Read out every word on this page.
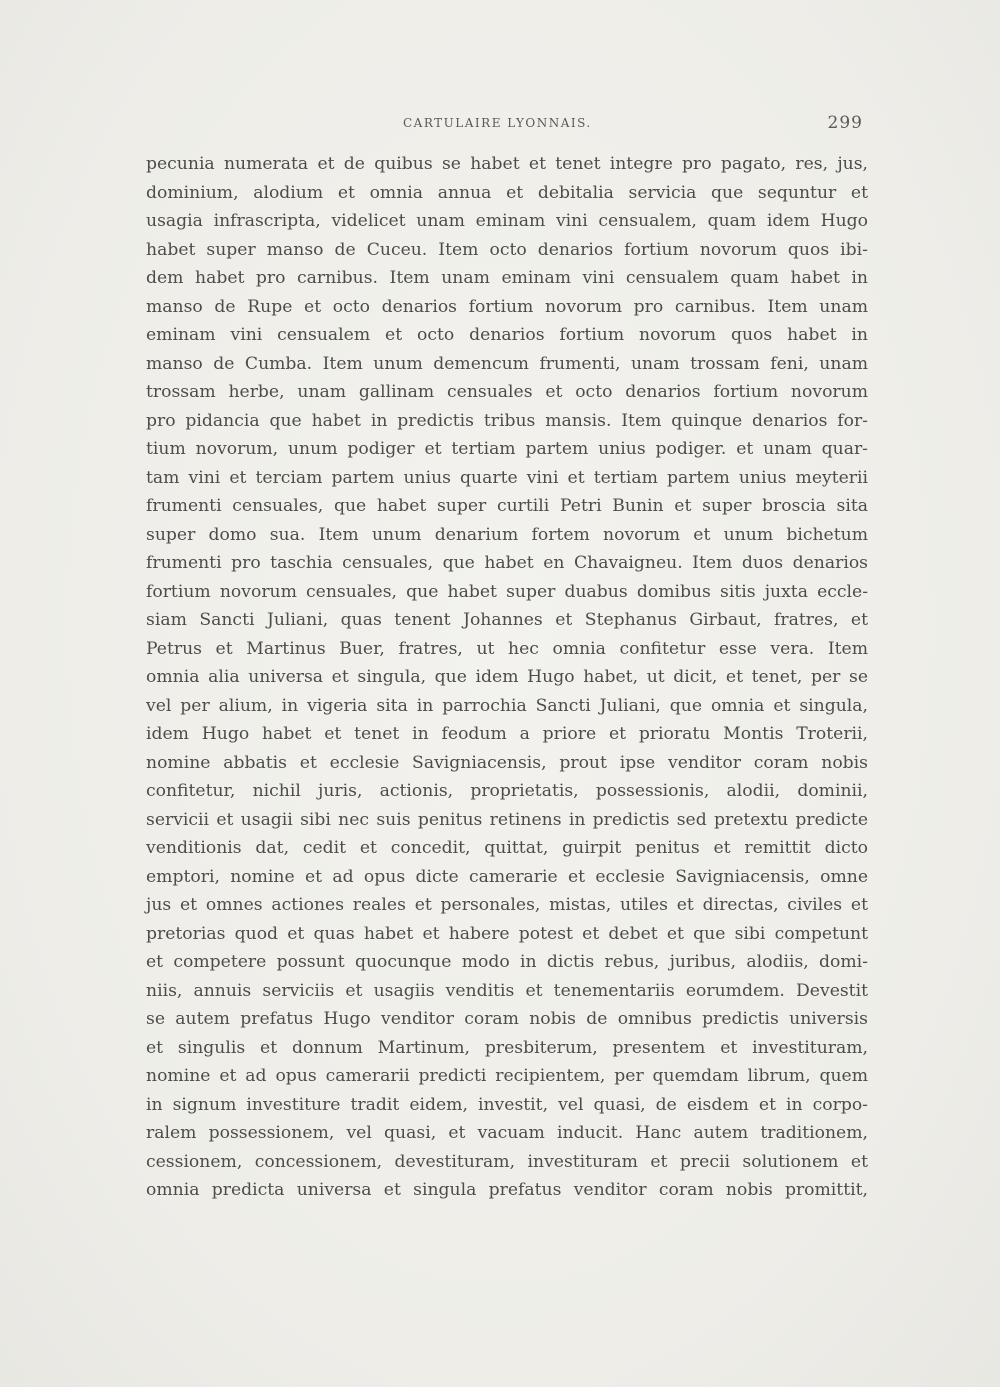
CARTULAIRE LYONNAIS.	299
pecunia numerata et de quibus se habet et tenet integre pro pagato, res, jus,
dominium, alodium et omnia annua et debitalia servicia que sequntur et
usagia infrascripta, videlicet unam eminam vini censualem, quam idem Hugo
habet super manso de Cuceu. Item octo denarios fortium novorum quos ibi-
dem habet pro carnibus. Item unam eminam vini censualem quam habet in
manso de Rupe et octo denarios fortium novorum pro carnibus. Item unam
eminam vini censualem et octo denarios fortium novorum quos habet in
manso de Cumba. Item unum demencum frumenti, unam trossam feni, unam
trossam herbe, unam gallinam censuales et octo denarios fortium novorum
pro pidancia que habet in predictis tribus mansis. Item quinque denarios for-
tium novorum, unum podiger et tertiam partem unius podiger. et unam quar-
tam vini et terciam partem unius quarte vini et tertiam partem unius meyterii
frumenti censuales, que habet super curtili Petri Bunin et super broscia sita
super domo sua. Item unum denarium fortem novorum et unum bichetum
frumenti pro taschia censuales, que habet en Chavaigneu. Item duos denarios
fortium novorum censuales, que habet super duabus domibus sitis juxta eccle-
siam Sancti Juliani, quas tenent Johannes et Stephanus Girbaut, fratres, et
Petrus et Martinus Buer, fratres, ut hec omnia confitetur esse vera. Item
omnia alia universa et singula, que idem Hugo habet, ut dicit, et tenet, per se
vel per alium, in vigeria sita in parrochia Sancti Juliani, que omnia et singula,
idem Hugo habet et tenet in feodum a priore et prioratu Montis Troterii,
nomine abbatis et ecclesie Savigniacensis, prout ipse venditor coram nobis
confitetur, nichil juris, actionis, proprietatis, possessionis, alodii, dominii,
servicii et usagii sibi nec suis penitus retinens in predictis sed pretextu predicte
venditionis dat, cedit et concedit, quittat, guirpit penitus et remittit dicto
emptori, nomine et ad opus dicte camerarie et ecclesie Savigniacensis, omne
jus et omnes actiones reales et personales, mistas, utiles et directas, civiles et
pretorias quod et quas habet et habere potest et debet et que sibi competunt
et competere possunt quocunque modo in dictis rebus, juribus, alodiis, domi-
niis, annuis serviciis et usagiis venditis et tenementariis eorumdem. Devestit
se autem prefatus Hugo venditor coram nobis de omnibus predictis universis
et singulis et donnum Martinum, presbiterum, presentem et investituram,
nomine et ad opus camerarii predicti recipientem, per quemdam librum, quem
in signum investiture tradit eidem, investit, vel quasi, de eisdem et in corpo-
ralem possessionem, vel quasi, et vacuam inducit. Hanc autem traditionem,
cessionem, concessionem, devestituram, investituram et precii solutionem et
omnia predicta universa et singula prefatus venditor coram nobis promittit,
